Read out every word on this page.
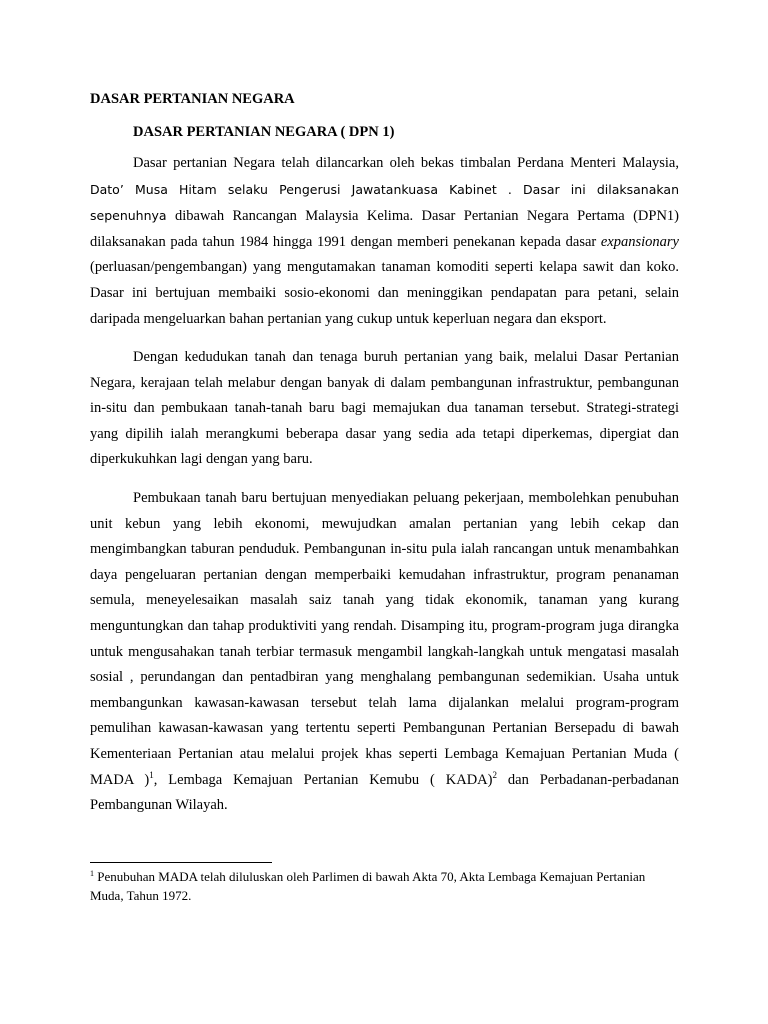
DASAR PERTANIAN NEGARA
DASAR PERTANIAN NEGARA ( DPN 1)

Dasar pertanian Negara telah dilancarkan oleh bekas timbalan Perdana Menteri Malaysia, Dato’ Musa Hitam selaku Pengerusi Jawatankuasa Kabinet . Dasar ini dilaksanakan sepenuhnya dibawah Rancangan Malaysia Kelima. Dasar Pertanian Negara Pertama (DPN1) dilaksanakan pada tahun 1984 hingga 1991 dengan memberi penekanan kepada dasar expansionary (perluasan/pengembangan) yang mengutamakan tanaman komoditi seperti kelapa sawit dan koko. Dasar ini bertujuan membaiki sosio-ekonomi dan meninggikan pendapatan para petani, selain daripada mengeluarkan bahan pertanian yang cukup untuk keperluan negara dan eksport.

Dengan kedudukan tanah dan tenaga buruh pertanian yang baik, melalui Dasar Pertanian Negara, kerajaan telah melabur dengan banyak di dalam pembangunan infrastruktur, pembangunan in-situ dan pembukaan tanah-tanah baru bagi memajukan dua tanaman tersebut. Strategi-strategi yang dipilih ialah merangkumi beberapa dasar yang sedia ada tetapi diperkemas, dipergiat dan diperkukuhkan lagi dengan yang baru.

Pembukaan tanah baru bertujuan menyediakan peluang pekerjaan, membolehkan penubuhan unit kebun yang lebih ekonomi, mewujudkan amalan pertanian yang lebih cekap dan mengimbangkan taburan penduduk. Pembangunan in-situ pula ialah rancangan untuk menambahkan daya pengeluaran pertanian dengan memperbaiki kemudahan infrastruktur, program penanaman semula, meneyelesaikan masalah saiz tanah yang tidak ekonomik, tanaman yang kurang menguntungkan dan tahap produktiviti yang rendah. Disamping itu, program-program juga dirangka untuk mengusahakan tanah terbiar termasuk mengambil langkah-langkah untuk mengatasi masalah sosial , perundangan dan pentadbiran yang menghalang pembangunan sedemikian. Usaha untuk membangunkan kawasan-kawasan tersebut telah lama dijalankan melalui program-program pemulihan kawasan-kawasan yang tertentu seperti Pembangunan Pertanian Bersepadu di bawah Kementeriaan Pertanian atau melalui projek khas seperti Lembaga Kemajuan Pertanian Muda ( MADA )$^1$, Lembaga Kemajuan Pertanian Kemubu ( KADA)$^2$ dan Perbadanan-perbadanan Pembangunan Wilayah.

$^1$ Penubuhan MADA telah diluluskan oleh Parlimen di bawah Akta 70, Akta Lembaga Kemajuan Pertanian Muda, Tahun 1972.
